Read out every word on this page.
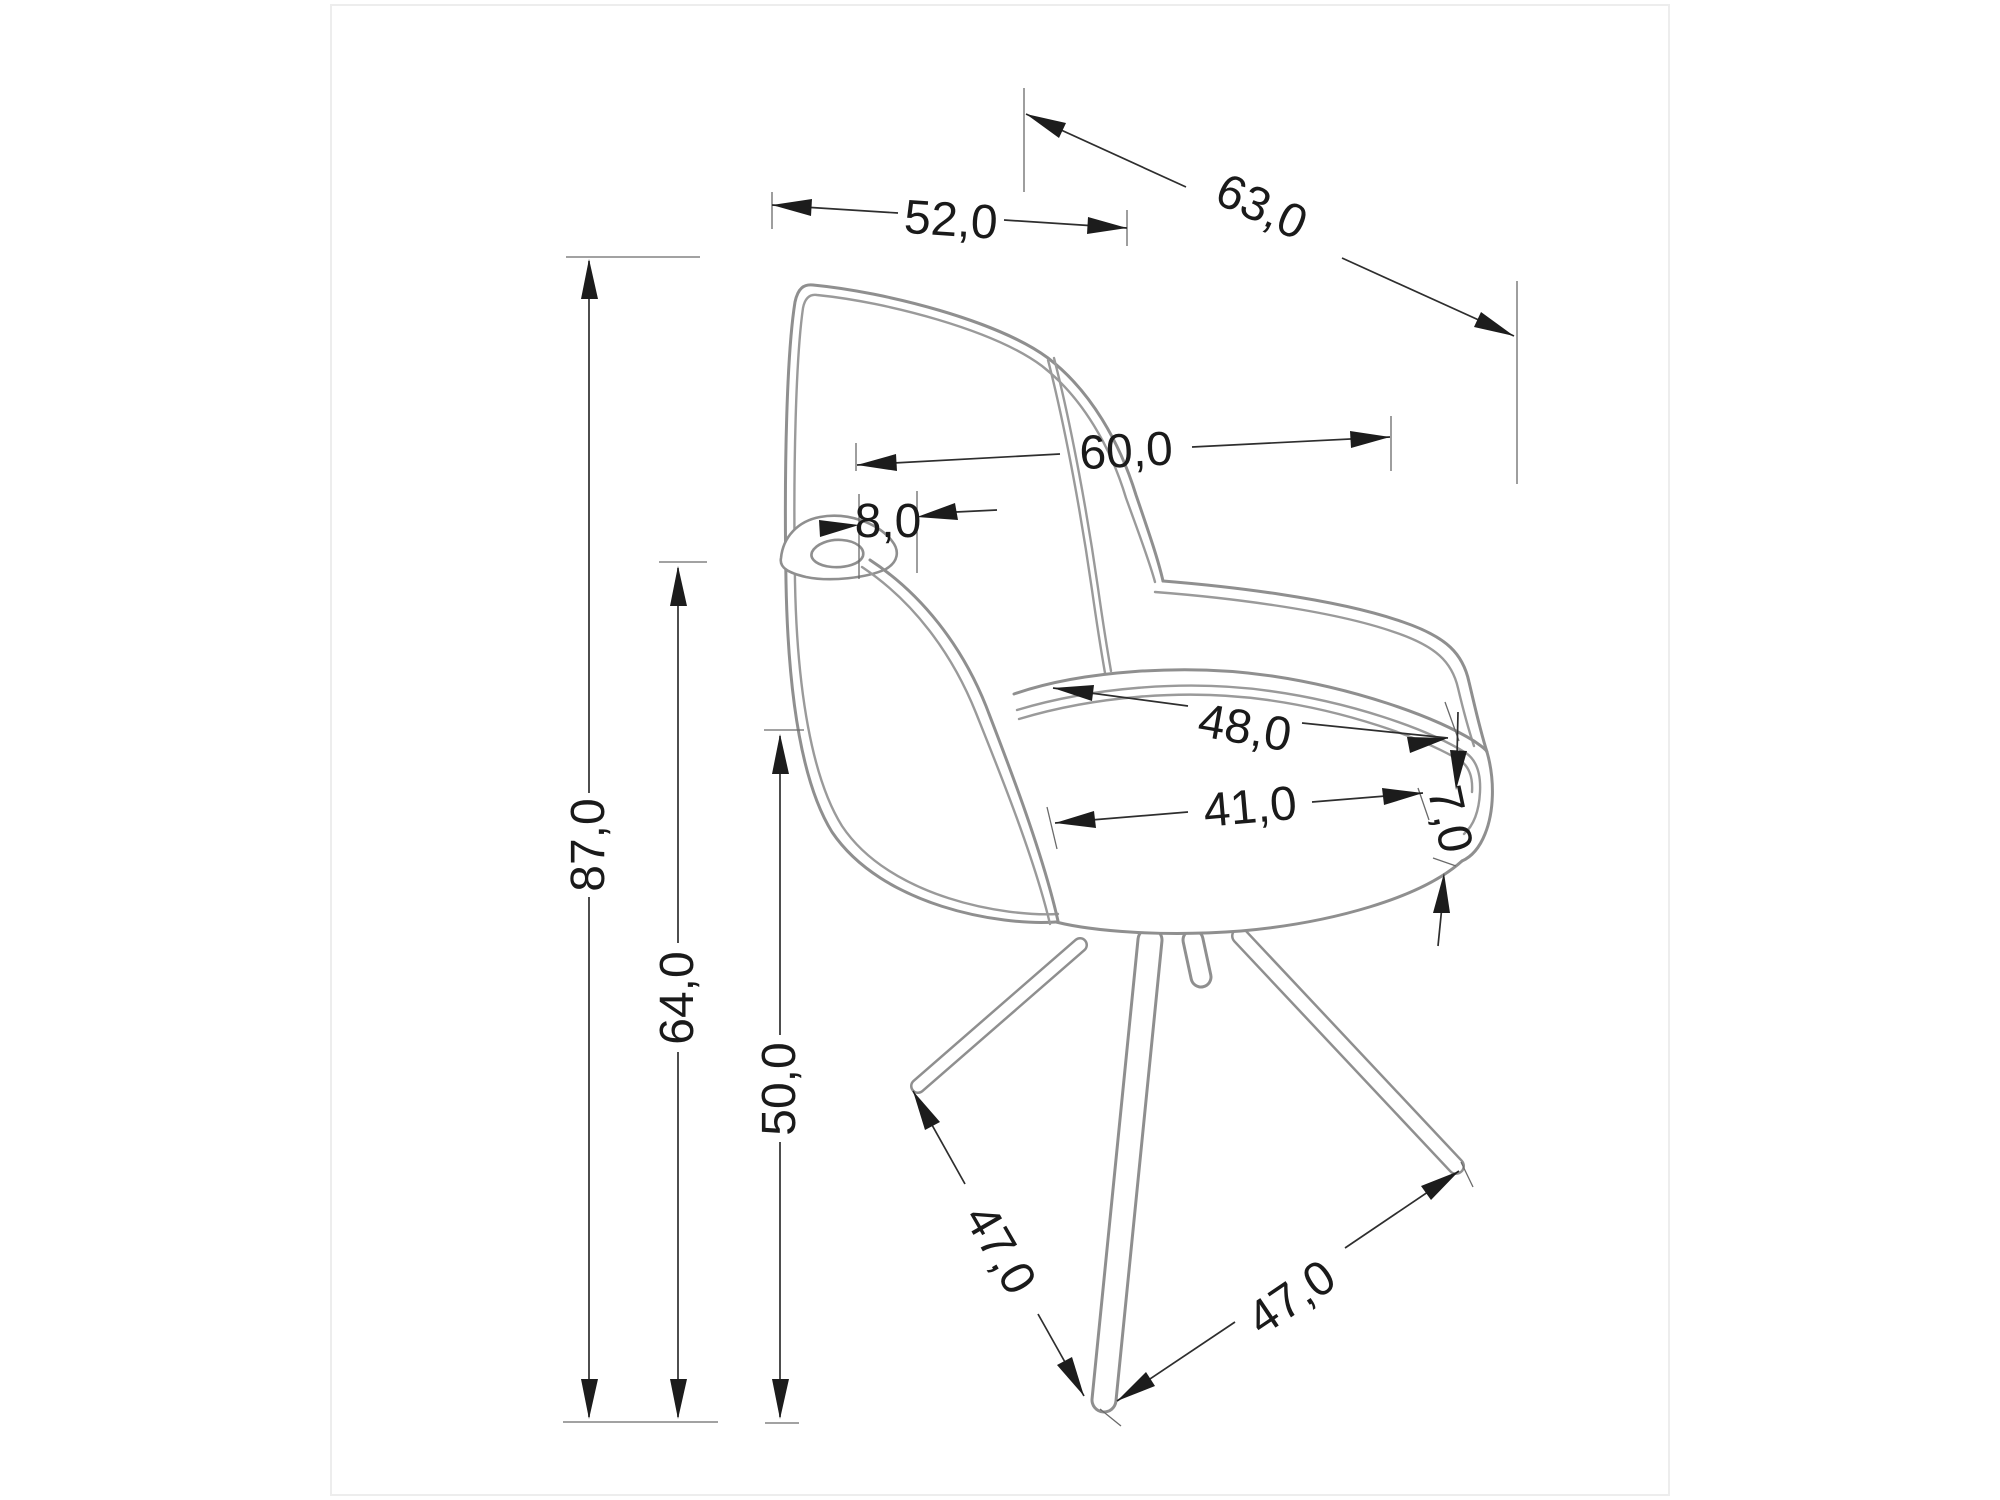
52,0	63,0
60,0
8,0
48,0
41,0 7,0
87,0
64,0
50,0
47,0	47,0
